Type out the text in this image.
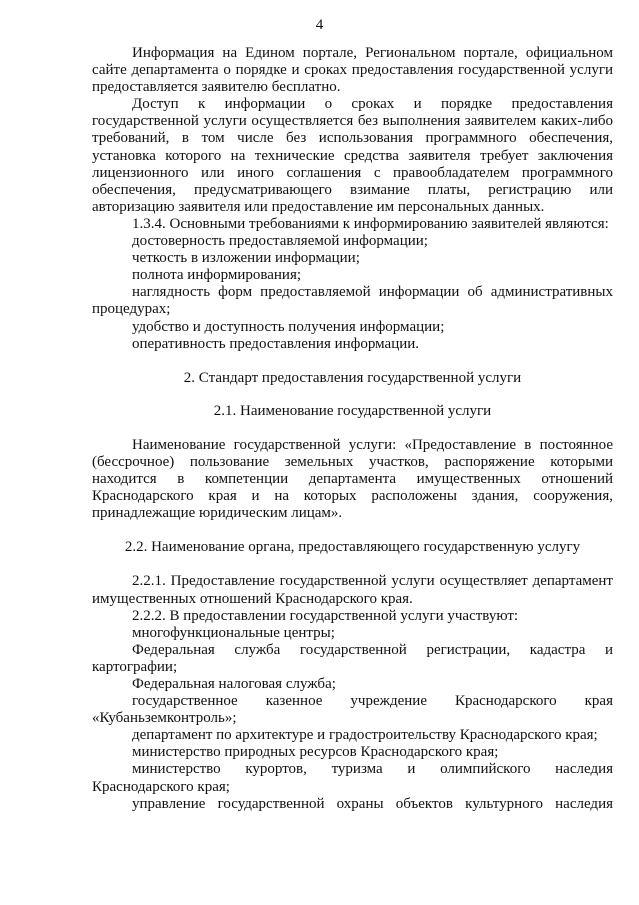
4

Информация на Едином портале, Региональном портале, официальном сайте департамента о порядке и сроках предоставления государственной услуги предоставляется заявителю бесплатно.

Доступ к информации о сроках и порядке предоставления государственной услуги осуществляется без выполнения заявителем каких-либо требований, в том числе без использования программного обеспечения, установка которого на технические средства заявителя требует заключения лицензионного или иного соглашения с правообладателем программного обеспечения, предусматривающего взимание платы, регистрацию или авторизацию заявителя или предоставление им персональных данных.

1.3.4. Основными требованиями к информированию заявителей являются:

достоверность предоставляемой информации;

четкость в изложении информации;

полнота информирования;

наглядность форм предоставляемой информации об административных процедурах;

удобство и доступность получения информации;

оперативность предоставления информации.

2. Стандарт предоставления государственной услуги

2.1. Наименование государственной услуги

Наименование государственной услуги: «Предоставление в постоянное (бессрочное) пользование земельных участков, распоряжение которыми находится в компетенции департамента имущественных отношений Краснодарского края и на которых расположены здания, сооружения, принадлежащие юридическим лицам».

2.2. Наименование органа, предоставляющего государственную услугу

2.2.1. Предоставление государственной услуги осуществляет департамент имущественных отношений Краснодарского края.

2.2.2. В предоставлении государственной услуги участвуют:

многофункциональные центры;

Федеральная служба государственной регистрации, кадастра и картографии;

Федеральная налоговая служба;

государственное казенное учреждение Краснодарского края «Кубаньземконтроль»;

департамент по архитектуре и градостроительству Краснодарского края;

министерство природных ресурсов Краснодарского края;

министерство курортов, туризма и олимпийского наследия Краснодарского края;

управление государственной охраны объектов культурного наследия
